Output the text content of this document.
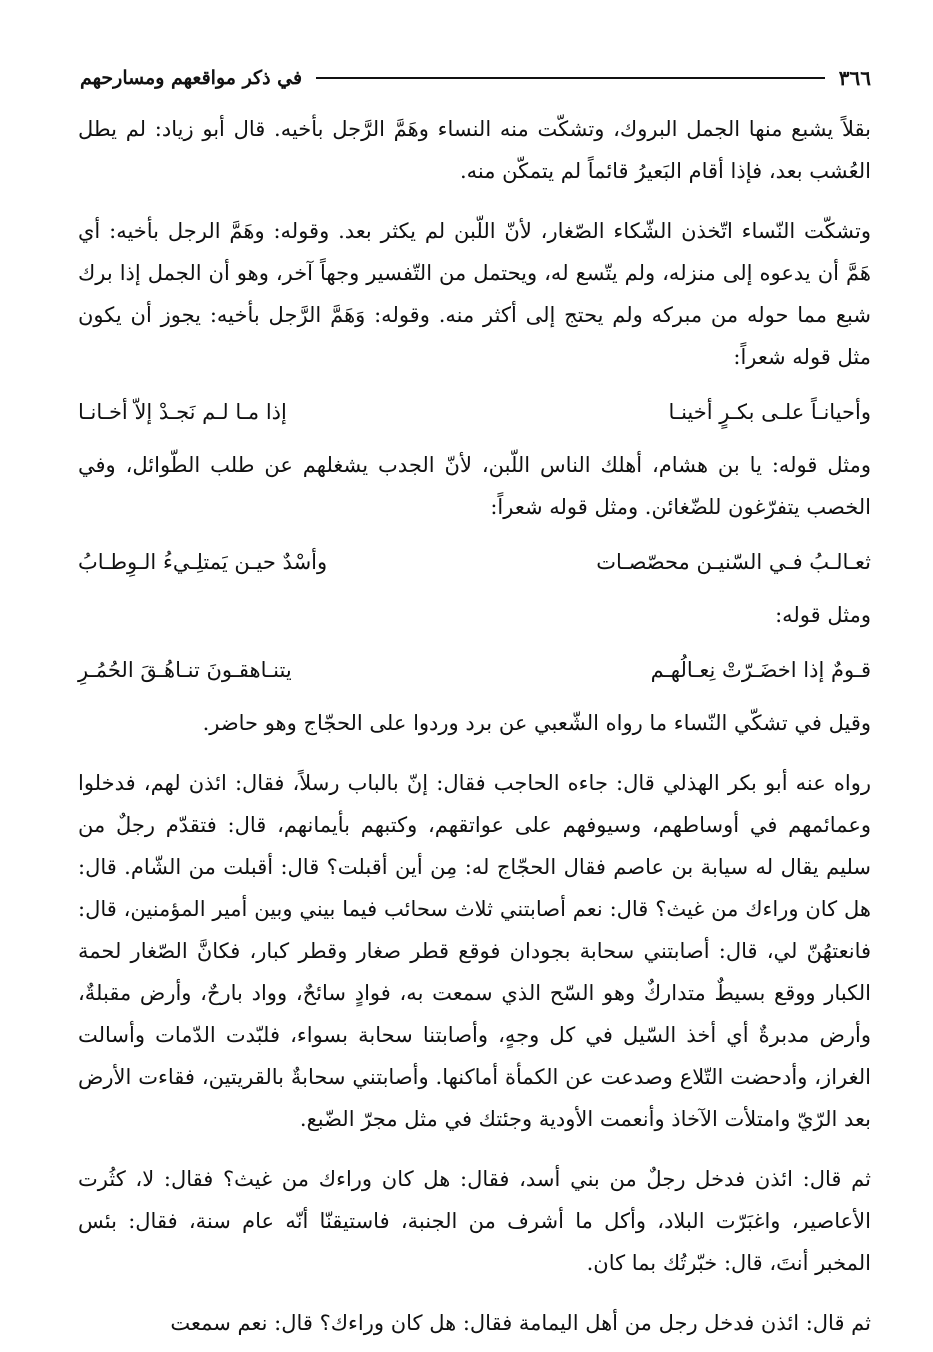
٣٦٦
في ذكر مواقعهم ومسارحهم

بقلاً يشبع منها الجمل البروك، وتشكّت منه النساء وهَمَّ الرَّجل بأخيه. قال أبو زياد: لم يطل العُشب بعد، فإذا أقام البَعيرُ قائماً لم يتمكّن منه.

وتشكّت النّساء اتّخذن الشّكاء الصّغار، لأنّ اللّبن لم يكثر بعد. وقوله: وهَمَّ الرجل بأخيه: أي هَمَّ أن يدعوه إلى منزله، ولم يتّسع له، ويحتمل من التّفسير وجهاً آخر، وهو أن الجمل إذا برك شبع مما حوله من مبركه ولم يحتج إلى أكثر منه. وقوله: وَهَمَّ الرَّجل بأخيه: يجوز أن يكون مثل قوله شعراً:

وأحيانـاً علـى بكـرٍ أخينـا
إذا مـا لـم نَجـدْ إلاّ أخـانـا

ومثل قوله: يا بن هشام، أهلك الناس اللّبن، لأنّ الجدب يشغلهم عن طلب الطّوائل، وفي الخصب يتفرّغون للضّغائن. ومثل قوله شعراً:

ثعـالـبُ فـي السّنيـن محصّصـات
وأسْدٌ حيـن يَمتلِـيءُ الـوِطـابُ

ومثل قوله:

قـومٌ إذا اخضَـرّتْ نِعـالُهـم
يتنـاهقـونَ تنـاهُـقَ الحُمُـرِ

وقيل في تشكّي النّساء ما رواه الشّعبي عن برد وردوا على الحجّاج وهو حاضر.

رواه عنه أبو بكر الهذلي قال: جاءه الحاجب فقال: إنّ بالباب رسلاً، فقال: ائذن لهم، فدخلوا وعمائمهم في أوساطهم، وسيوفهم على عواتقهم، وكتبهم بأيمانهم، قال: فتقدّم رجلٌ من سليم يقال له سيابة بن عاصم فقال الحجّاج له: مِن أين أقبلت؟ قال: أقبلت من الشّام. قال: هل كان وراءك من غيث؟ قال: نعم أصابتني ثلاث سحائب فيما بيني وبين أمير المؤمنين، قال: فانعتهُنّ لي، قال: أصابتني سحابة بجودان فوقع قطر صغار وقطر كبار، فكانَّ الصّغار لحمة الكبار ووقع بسيطٌ متداركٌ وهو السّح الذي سمعت به، فوادٍ سائحٌ، وواد بارحٌ، وأرض مقبلةٌ، وأرض مدبرةٌ أي أخذ السّيل في كل وجهٍ، وأصابتنا سحابة بسواء، فلبّدت الدّمات وأسالت الغراز، وأدحضت التّلاع وصدعت عن الكمأة أماكنها. وأصابتني سحابةٌ بالقريتين، فقاءت الأرض بعد الرّيّ وامتلأت الآخاذ وأنعمت الأودية وجئتك في مثل مجرّ الضّبع.

ثم قال: ائذن فدخل رجلٌ من بني أسد، فقال: هل كان وراءك من غيث؟ فقال: لا، كثُرت الأعاصير، واغبَرّت البلاد، وأكل ما أشرف من الجنبة، فاستيقنّا أنّه عام سنة، فقال: بئس المخبر أنتَ، قال: خبّرتُك بما كان.

ثم قال: ائذن فدخل رجل من أهل اليمامة فقال: هل كان وراءك؟ قال: نعم سمعت
